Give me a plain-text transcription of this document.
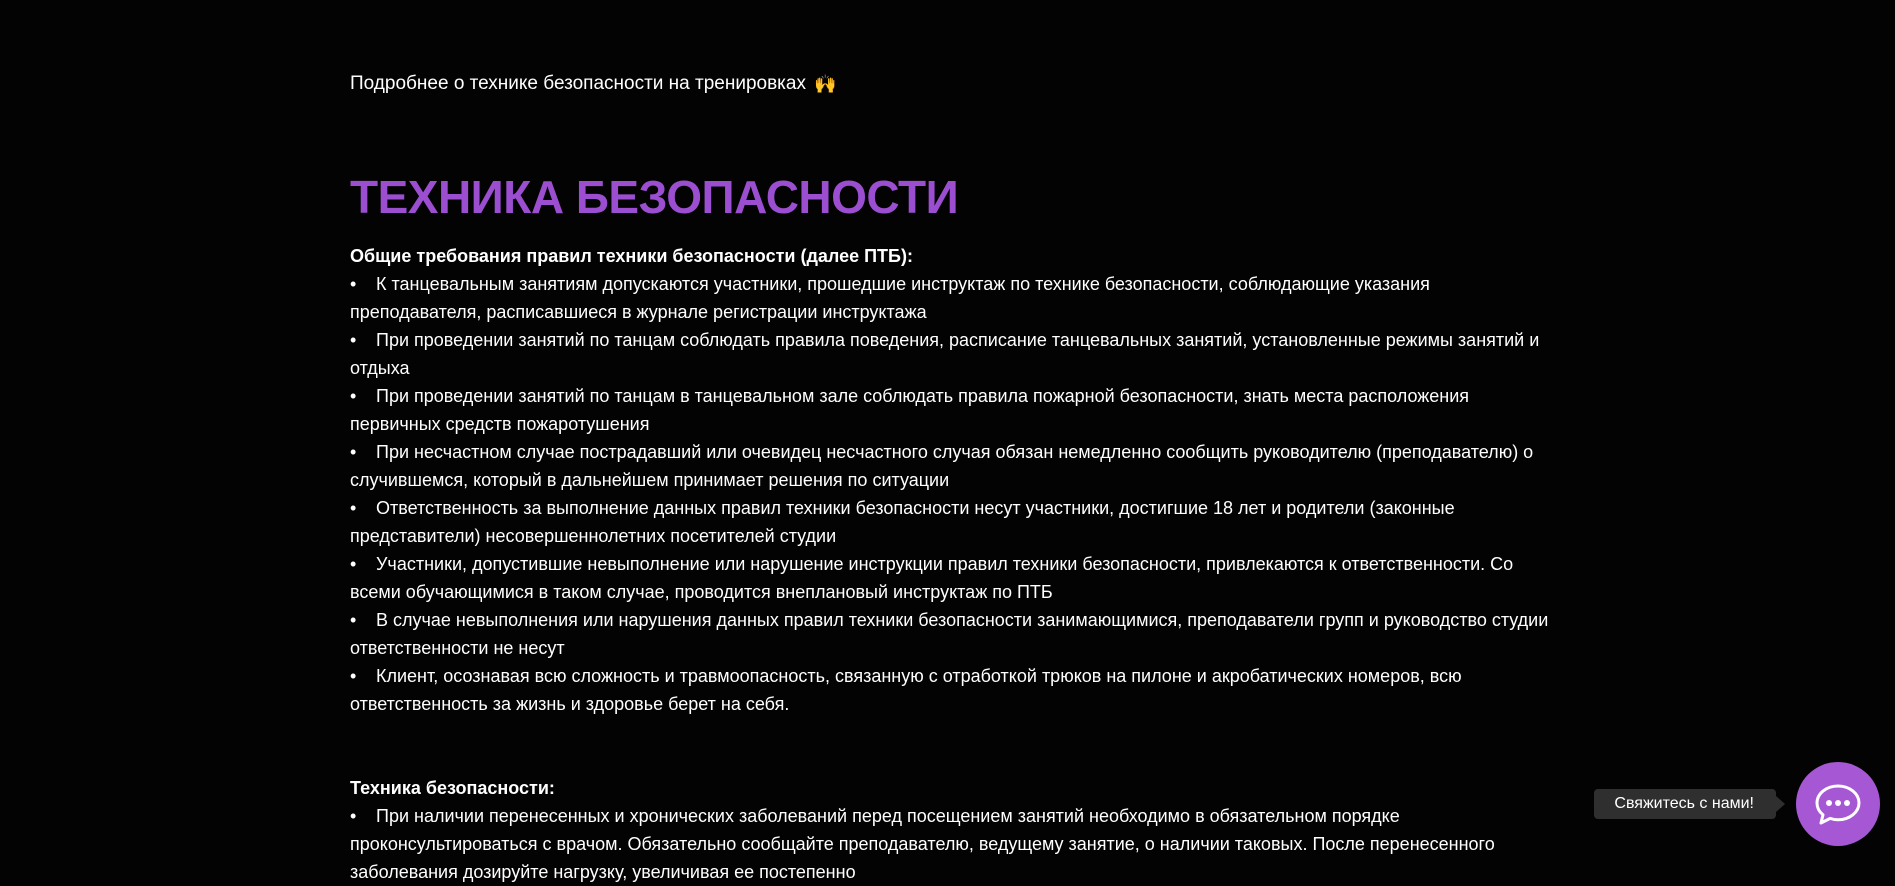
Подробнее о технике безопасности на тренировках 🙌

ТЕХНИКА БЕЗОПАСНОСТИ

Общие требования правил техники безопасности (далее ПТБ):

• К танцевальным занятиям допускаются участники, прошедшие инструктаж по технике безопасности, соблюдающие указания преподавателя, расписавшиеся в журнале регистрации инструктажа
• При проведении занятий по танцам соблюдать правила поведения, расписание танцевальных занятий, установленные режимы занятий и отдыха
• При проведении занятий по танцам в танцевальном зале соблюдать правила пожарной безопасности, знать места расположения первичных средств пожаротушения
• При несчастном случае пострадавший или очевидец несчастного случая обязан немедленно сообщить руководителю (преподавателю) о случившемся, который в дальнейшем принимает решения по ситуации
• Ответственность за выполнение данных правил техники безопасности несут участники, достигшие 18 лет и родители (законные представители) несовершеннолетних посетителей студии
• Участники, допустившие невыполнение или нарушение инструкции правил техники безопасности, привлекаются к ответственности. Со всеми обучающимися в таком случае, проводится внеплановый инструктаж по ПТБ
• В случае невыполнения или нарушения данных правил техники безопасности занимающимися, преподаватели групп и руководство студии ответственности не несут
• Клиент, осознавая всю сложность и травмоопасность, связанную с отработкой трюков на пилоне и акробатических номеров, всю ответственность за жизнь и здоровье берет на себя.

Техника безопасности:

• При наличии перенесенных и хронических заболеваний перед посещением занятий необходимо в обязательном порядке проконсультироваться с врачом. Обязательно сообщайте преподавателю, ведущему занятие, о наличии таковых. После перенесенного заболевания дозируйте нагрузку, увеличивая ее постепенно
Свяжитесь с нами!
